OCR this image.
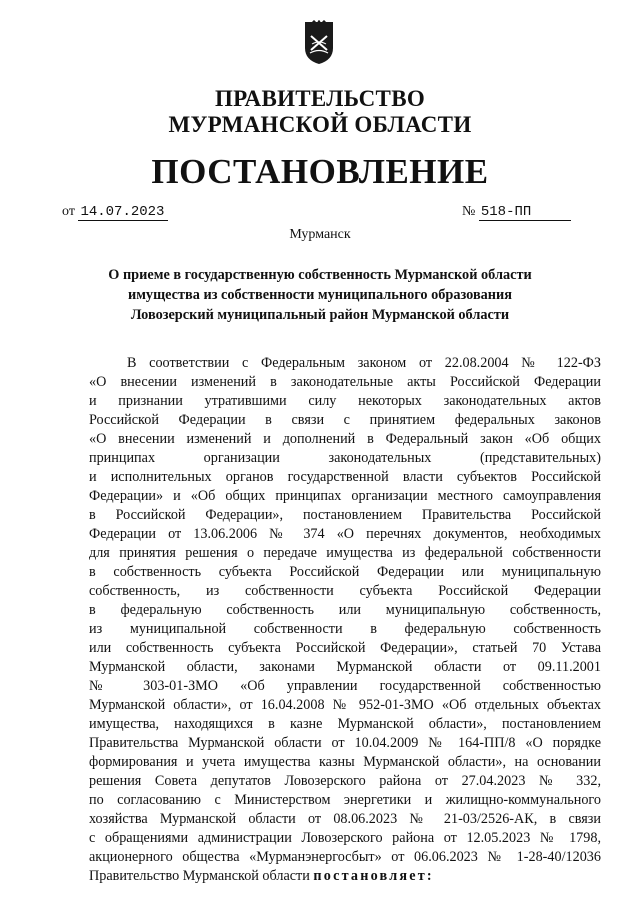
ПРАВИТЕЛЬСТВО
МУРМАНСКОЙ ОБЛАСТИ
ПОСТАНОВЛЕНИЕ
от 14.07.2023	№ 518-ПП
Мурманск
О приеме в государственную собственность Мурманской области
имущества из собственности муниципального образования
Ловозерский муниципальный район Мурманской области
В соответствии с Федеральным законом от 22.08.2004 № 122-ФЗ
«О внесении изменений в законодательные акты Российской Федерации
и признании утратившими силу некоторых законодательных актов
Российской Федерации в связи с принятием федеральных законов
«О внесении изменений и дополнений в Федеральный закон «Об общих
принципах организации законодательных (представительных)
и исполнительных органов государственной власти субъектов Российской
Федерации» и «Об общих принципах организации местного самоуправления
в Российской Федерации», постановлением Правительства Российской
Федерации от 13.06.2006 № 374 «О перечнях документов, необходимых
для принятия решения о передаче имущества из федеральной собственности
в собственность субъекта Российской Федерации или муниципальную
собственность, из собственности субъекта Российской Федерации
в федеральную собственность или муниципальную собственность,
из муниципальной собственности в федеральную собственность
или собственность субъекта Российской Федерации», статьей 70 Устава
Мурманской области, законами Мурманской области от 09.11.2001
№ 303-01-ЗМО «Об управлении государственной собственностью
Мурманской области», от 16.04.2008 № 952-01-ЗМО «Об отдельных объектах
имущества, находящихся в казне Мурманской области», постановлением
Правительства Мурманской области от 10.04.2009 № 164-ПП/8 «О порядке
формирования и учета имущества казны Мурманской области», на основании
решения Совета депутатов Ловозерского района от 27.04.2023 № 332,
по согласованию с Министерством энергетики и жилищно-коммунального
хозяйства Мурманской области от 08.06.2023 № 21-03/2526-АК, в связи
с обращениями администрации Ловозерского района от 12.05.2023 № 1798,
акционерного общества «Мурманэнергосбыт» от 06.06.2023 № 1-28-40/12036
Правительство Мурманской области постановляет:
